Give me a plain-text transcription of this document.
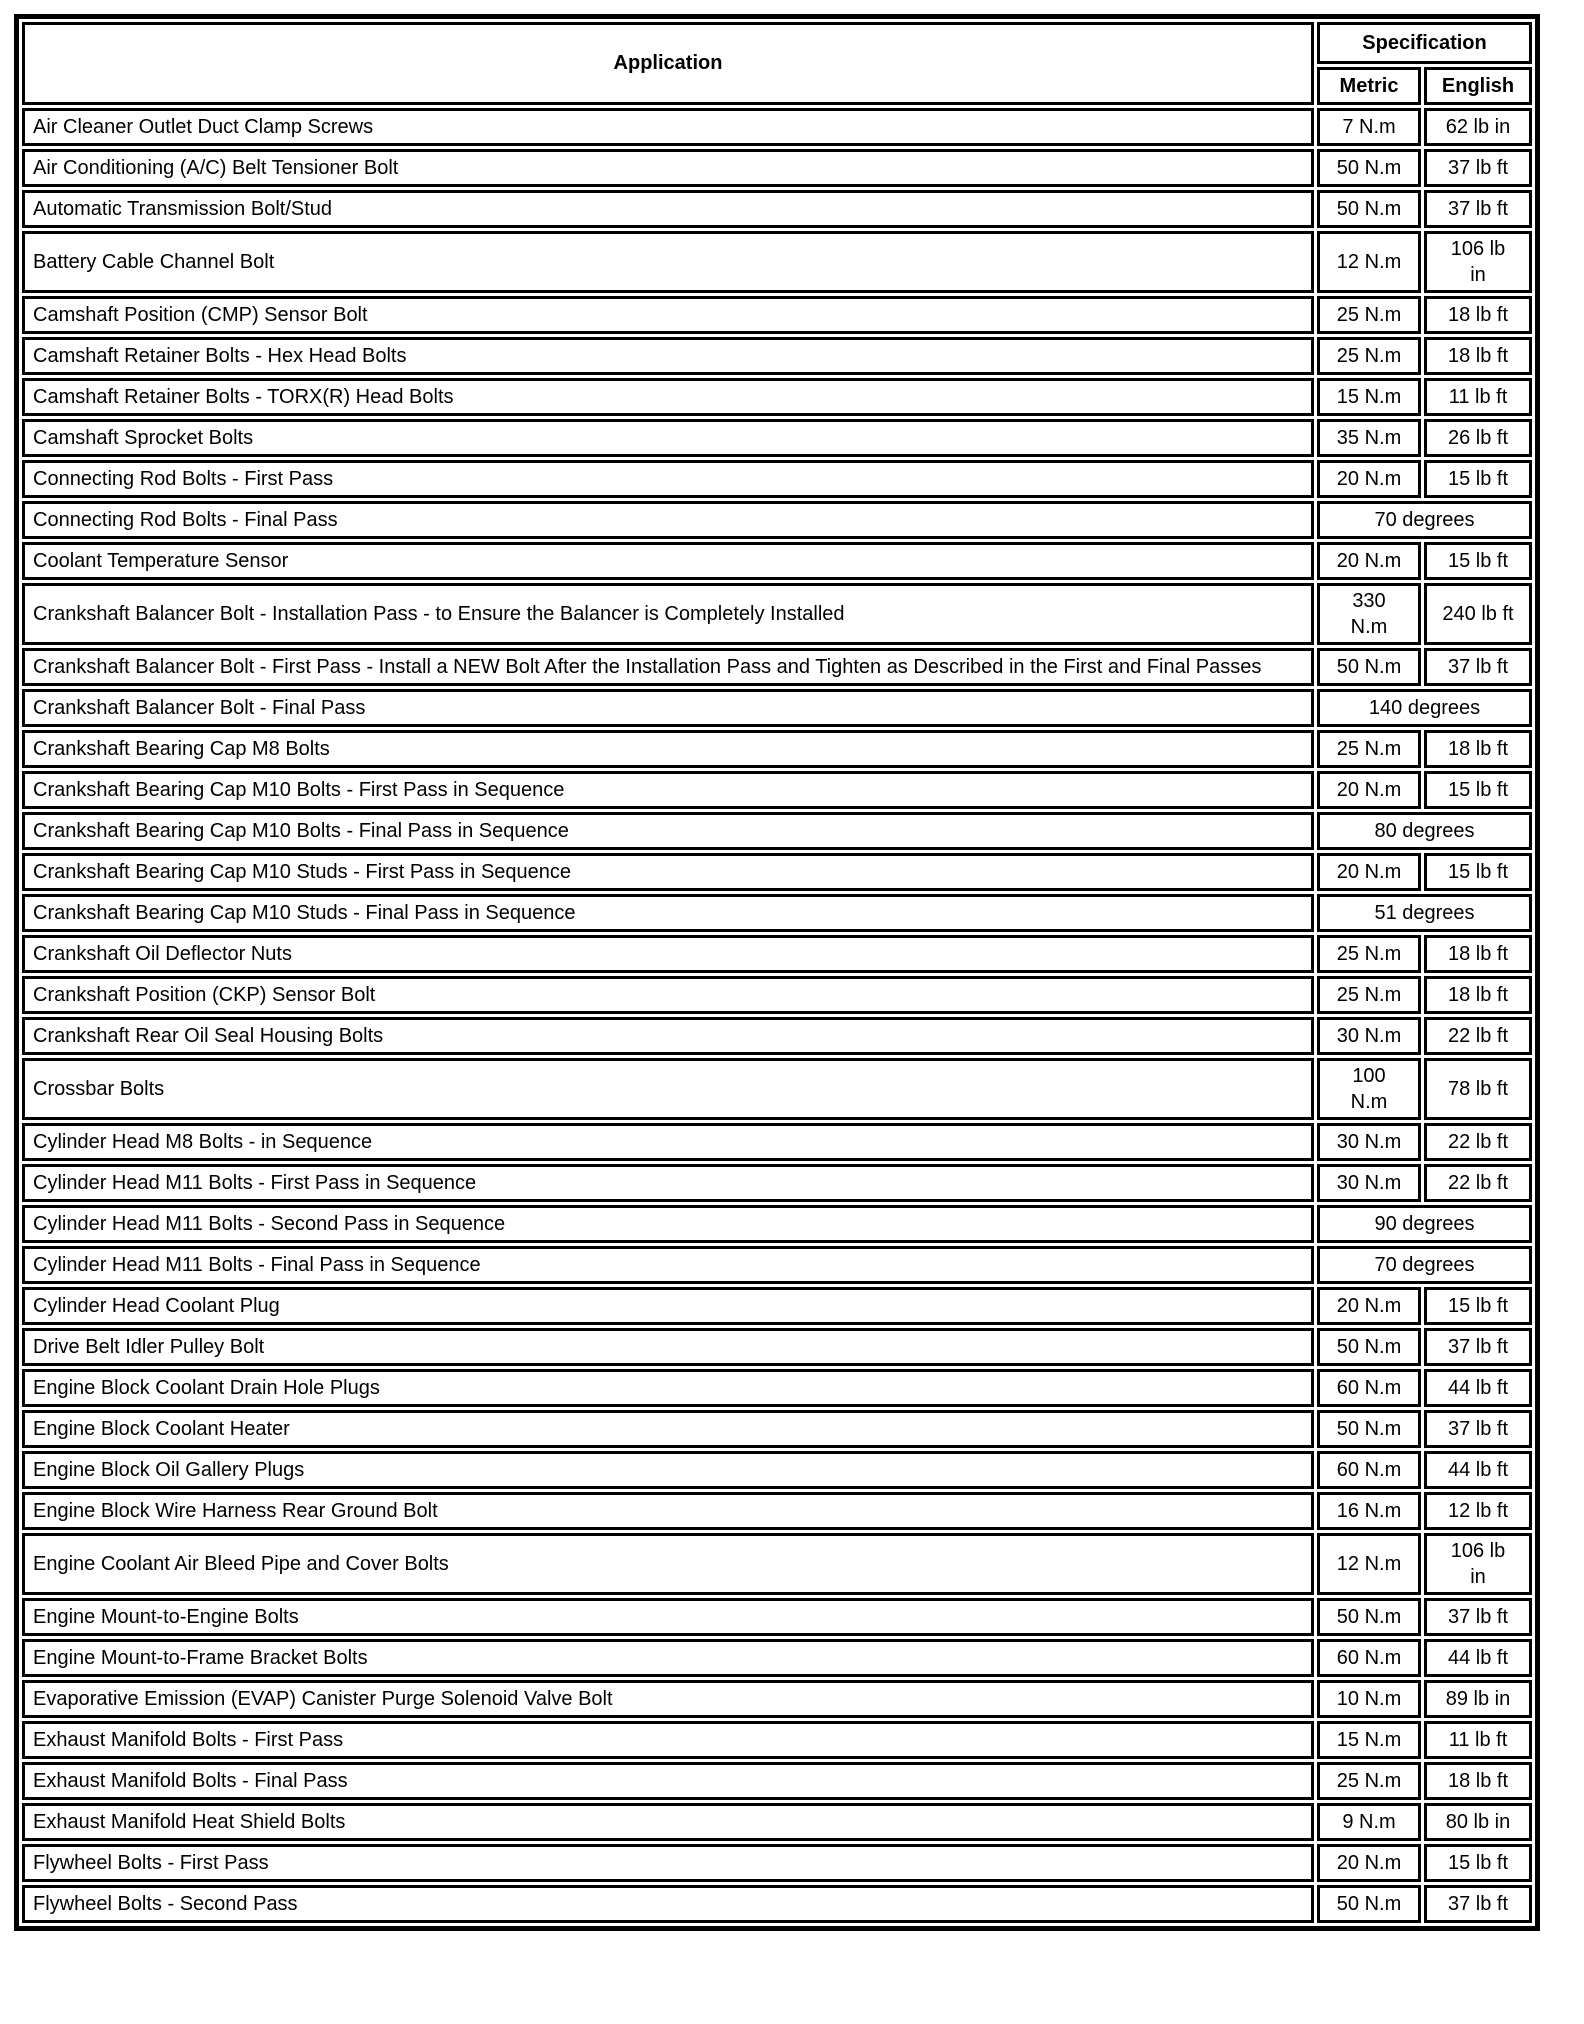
Application	Specification	
	Metric	English
Air Cleaner Outlet Duct Clamp Screws	7 N.m	62 lb in
Air Conditioning (A/C) Belt Tensioner Bolt	50 N.m	37 lb ft
Automatic Transmission Bolt/Stud	50 N.m	37 lb ft
Battery Cable Channel Bolt	12 N.m	106 lb in
Camshaft Position (CMP) Sensor Bolt	25 N.m	18 lb ft
Camshaft Retainer Bolts - Hex Head Bolts	25 N.m	18 lb ft
Camshaft Retainer Bolts - TORX(R) Head Bolts	15 N.m	11 lb ft
Camshaft Sprocket Bolts	35 N.m	26 lb ft
Connecting Rod Bolts - First Pass	20 N.m	15 lb ft
Connecting Rod Bolts - Final Pass	70 degrees	
Coolant Temperature Sensor	20 N.m	15 lb ft
Crankshaft Balancer Bolt - Installation Pass - to Ensure the Balancer is Completely Installed	330 N.m	240 lb ft
Crankshaft Balancer Bolt - First Pass - Install a NEW Bolt After the Installation Pass and Tighten as Described in the First and Final Passes	50 N.m	37 lb ft
Crankshaft Balancer Bolt - Final Pass	140 degrees	
Crankshaft Bearing Cap M8 Bolts	25 N.m	18 lb ft
Crankshaft Bearing Cap M10 Bolts - First Pass in Sequence	20 N.m	15 lb ft
Crankshaft Bearing Cap M10 Bolts - Final Pass in Sequence	80 degrees	
Crankshaft Bearing Cap M10 Studs - First Pass in Sequence	20 N.m	15 lb ft
Crankshaft Bearing Cap M10 Studs - Final Pass in Sequence	51 degrees	
Crankshaft Oil Deflector Nuts	25 N.m	18 lb ft
Crankshaft Position (CKP) Sensor Bolt	25 N.m	18 lb ft
Crankshaft Rear Oil Seal Housing Bolts	30 N.m	22 lb ft
Crossbar Bolts	100 N.m	78 lb ft
Cylinder Head M8 Bolts - in Sequence	30 N.m	22 lb ft
Cylinder Head M11 Bolts - First Pass in Sequence	30 N.m	22 lb ft
Cylinder Head M11 Bolts - Second Pass in Sequence	90 degrees	
Cylinder Head M11 Bolts - Final Pass in Sequence	70 degrees	
Cylinder Head Coolant Plug	20 N.m	15 lb ft
Drive Belt Idler Pulley Bolt	50 N.m	37 lb ft
Engine Block Coolant Drain Hole Plugs	60 N.m	44 lb ft
Engine Block Coolant Heater	50 N.m	37 lb ft
Engine Block Oil Gallery Plugs	60 N.m	44 lb ft
Engine Block Wire Harness Rear Ground Bolt	16 N.m	12 lb ft
Engine Coolant Air Bleed Pipe and Cover Bolts	12 N.m	106 lb in
Engine Mount-to-Engine Bolts	50 N.m	37 lb ft
Engine Mount-to-Frame Bracket Bolts	60 N.m	44 lb ft
Evaporative Emission (EVAP) Canister Purge Solenoid Valve Bolt	10 N.m	89 lb in
Exhaust Manifold Bolts - First Pass	15 N.m	11 lb ft
Exhaust Manifold Bolts - Final Pass	25 N.m	18 lb ft
Exhaust Manifold Heat Shield Bolts	9 N.m	80 lb in
Flywheel Bolts - First Pass	20 N.m	15 lb ft
Flywheel Bolts - Second Pass	50 N.m	37 lb ft
